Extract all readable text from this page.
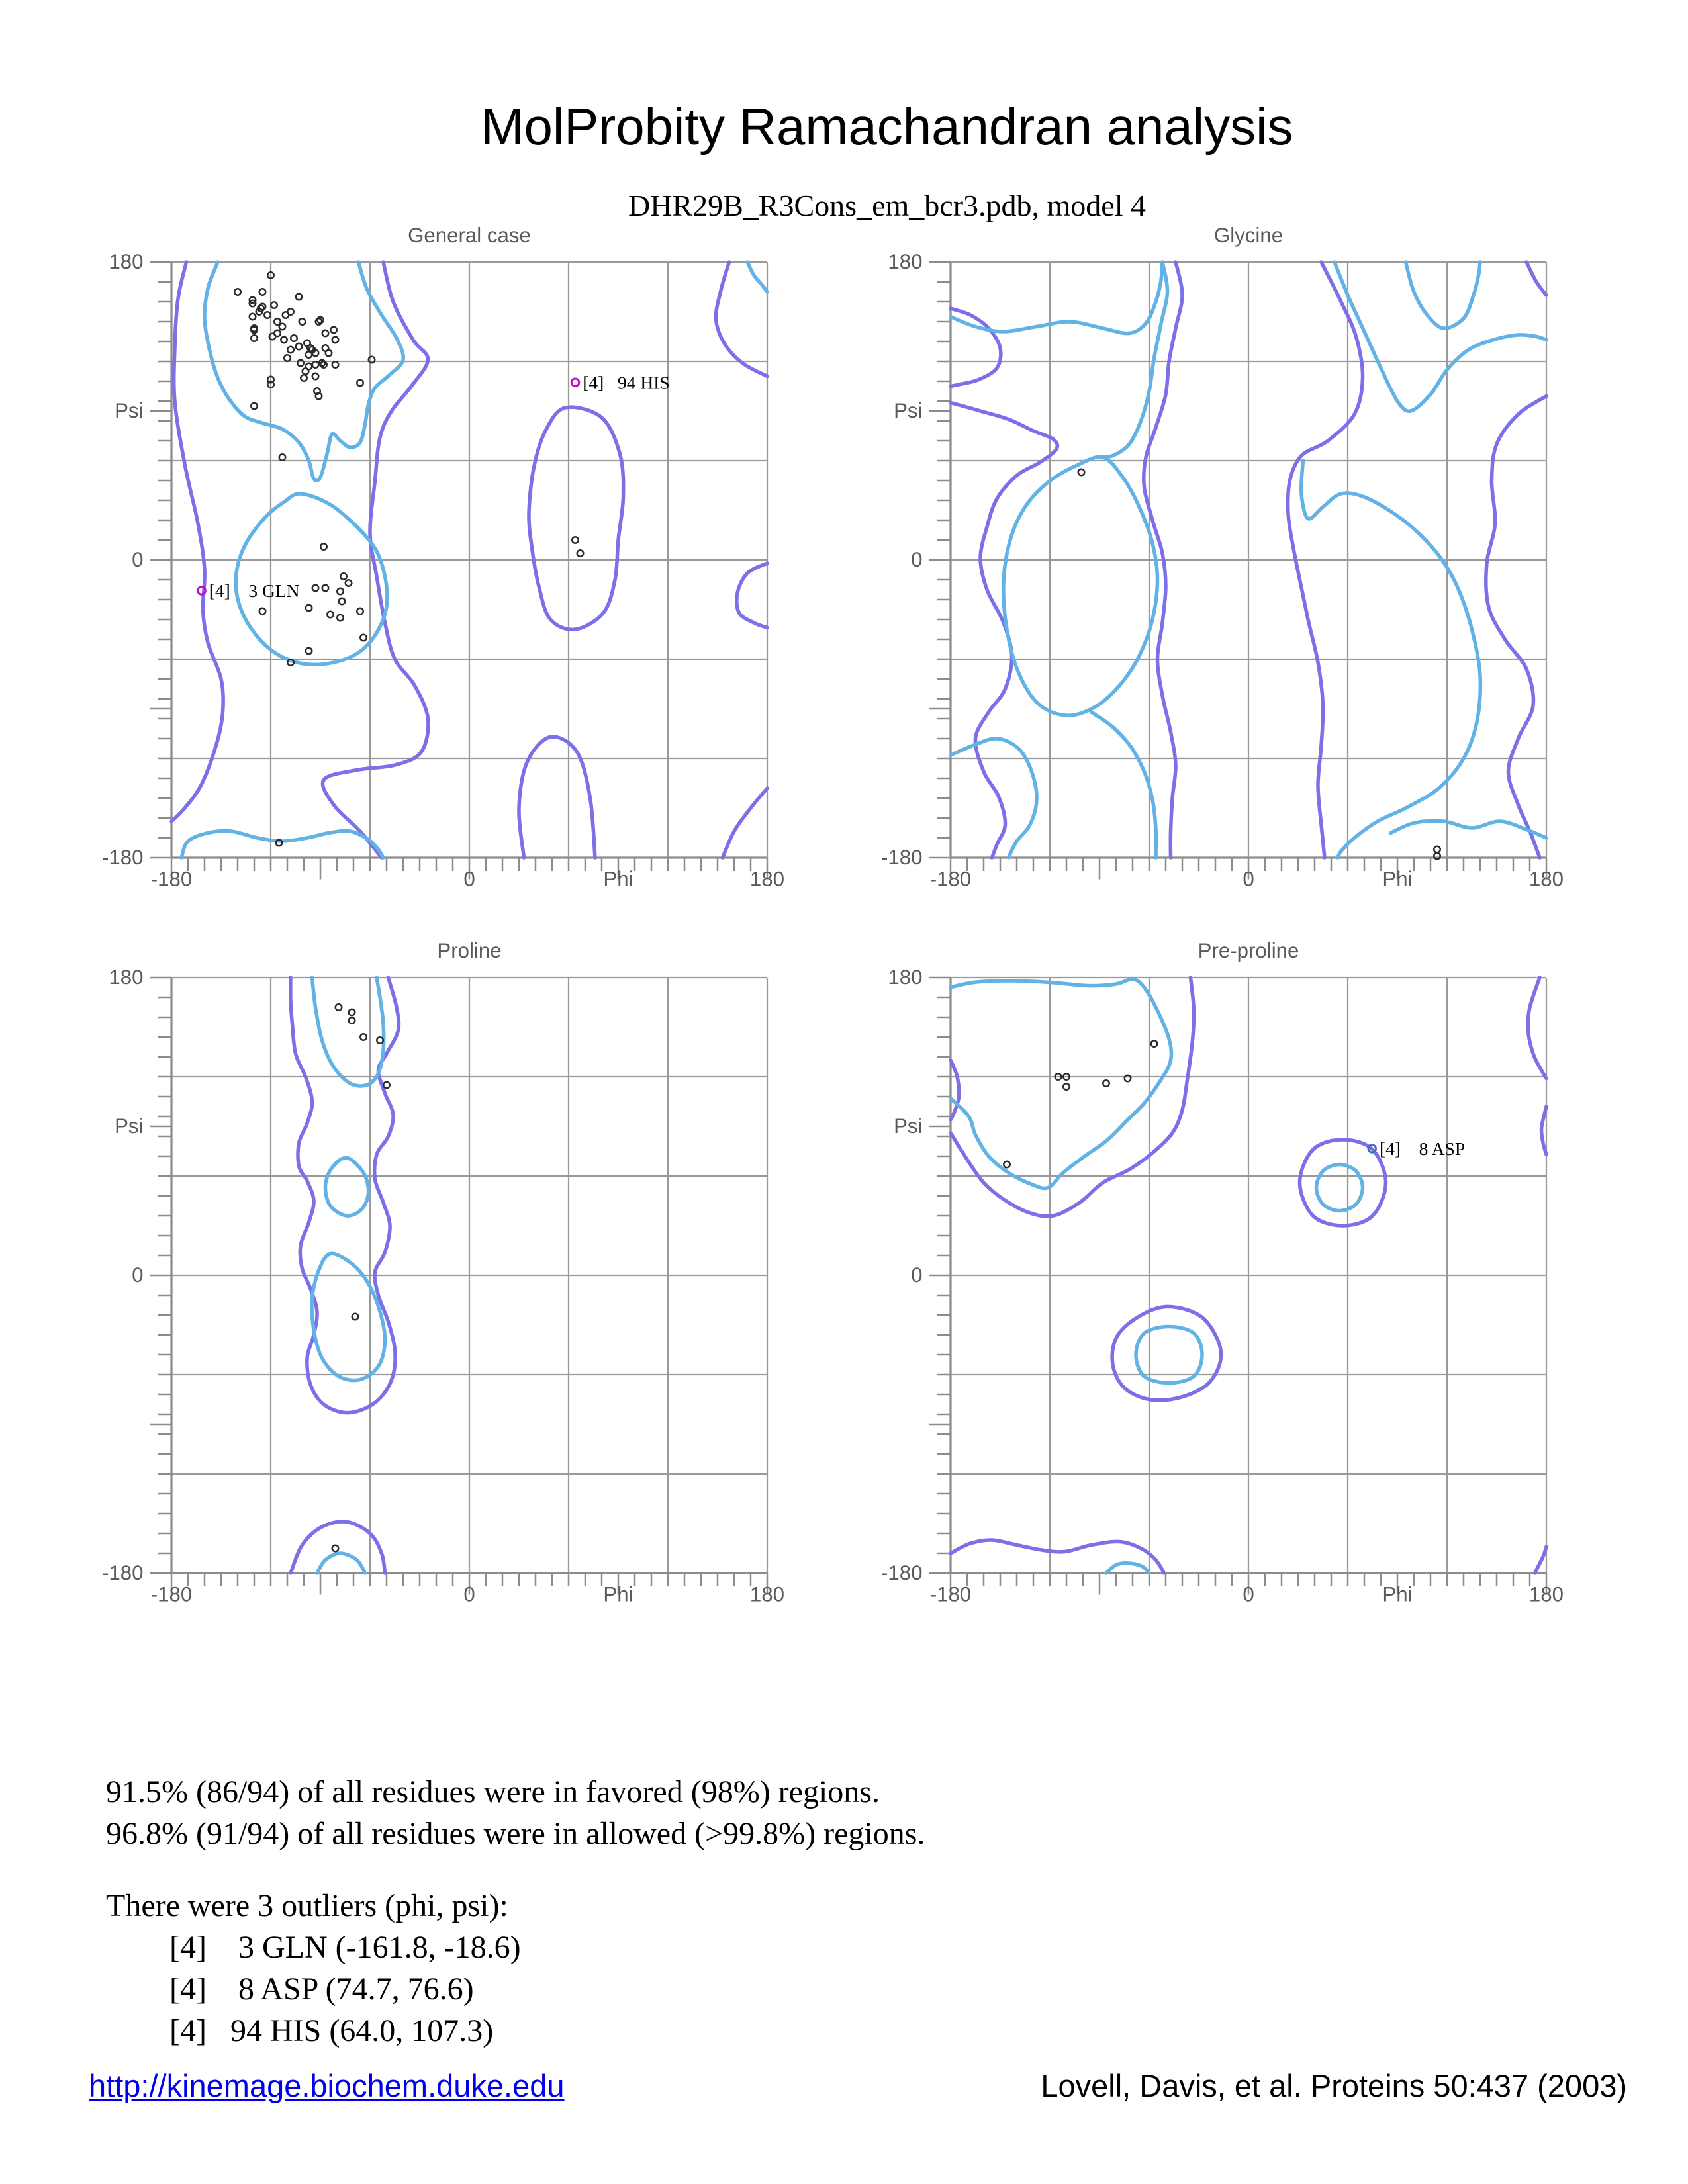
MolProbity Ramachandran analysis
DHR29B_R3Cons_em_bcr3.pdb, model 4
[4]    3 GLN
[4]   94 HIS
General case
180
Psi
0
-180
-180	0	Phi	180
Glycine
180
Psi
0
-180
-180	0	Phi	180
Proline
180
Psi
0
-180
-180	0	Phi	180
[4]    8 ASP
Pre-proline
180
Psi
0
-180
-180	0	Phi	180
91.5% (86/94) of all residues were in favored (98%) regions.
96.8% (91/94) of all residues were in allowed (>99.8%) regions.
There were 3 outliers (phi, psi):
[4]    3 GLN (-161.8, -18.6)
[4]    8 ASP (74.7, 76.6)
[4]   94 HIS (64.0, 107.3)
http://kinemage.biochem.duke.edu	Lovell, Davis, et al. Proteins 50:437 (2003)
